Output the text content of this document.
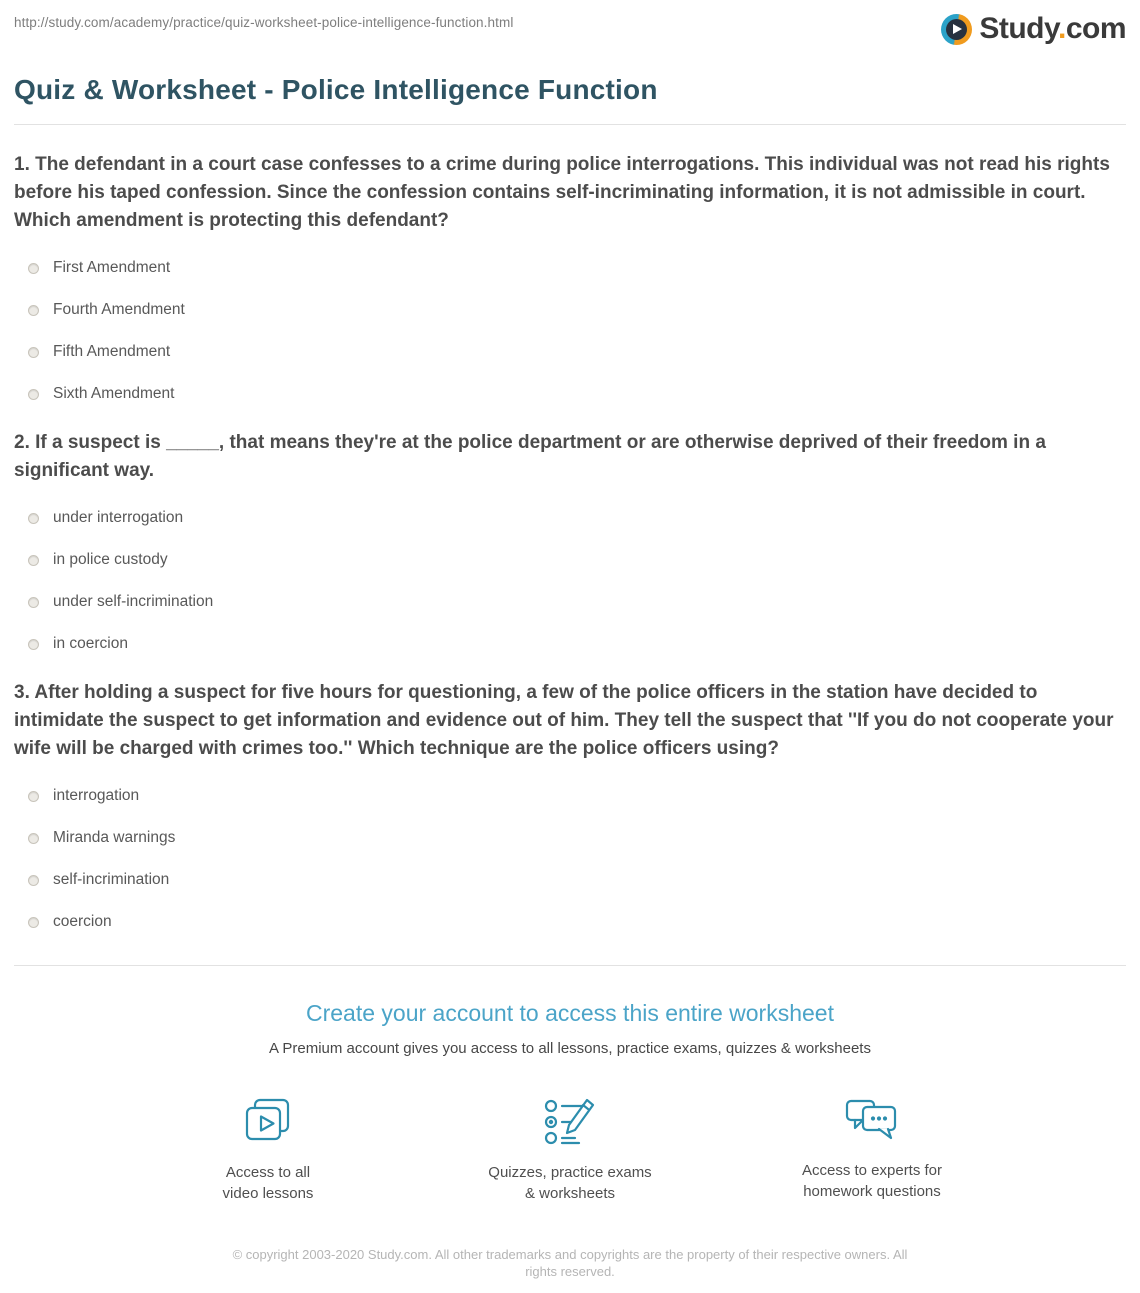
http://study.com/academy/practice/quiz-worksheet-police-intelligence-function.html	Study.com
Quiz & Worksheet - Police Intelligence Function
1. The defendant in a court case confesses to a crime during police interrogations. This individual was not read his rights before his taped confession. Since the confession contains self-incriminating information, it is not admissible in court. Which amendment is protecting this defendant?
First Amendment
Fourth Amendment
Fifth Amendment
Sixth Amendment
2. If a suspect is _____, that means they're at the police department or are otherwise deprived of their freedom in a significant way.
under interrogation
in police custody
under self-incrimination
in coercion
3. After holding a suspect for five hours for questioning, a few of the police officers in the station have decided to intimidate the suspect to get information and evidence out of him. They tell the suspect that ''If you do not cooperate your wife will be charged with crimes too.'' Which technique are the police officers using?
interrogation
Miranda warnings
self-incrimination
coercion
Create your account to access this entire worksheet
A Premium account gives you access to all lessons, practice exams, quizzes & worksheets
Access to all
video lessons
Quizzes, practice exams
& worksheets
Access to experts for
homework questions
© copyright 2003-2020 Study.com. All other trademarks and copyrights are the property of their respective owners. All rights reserved.
